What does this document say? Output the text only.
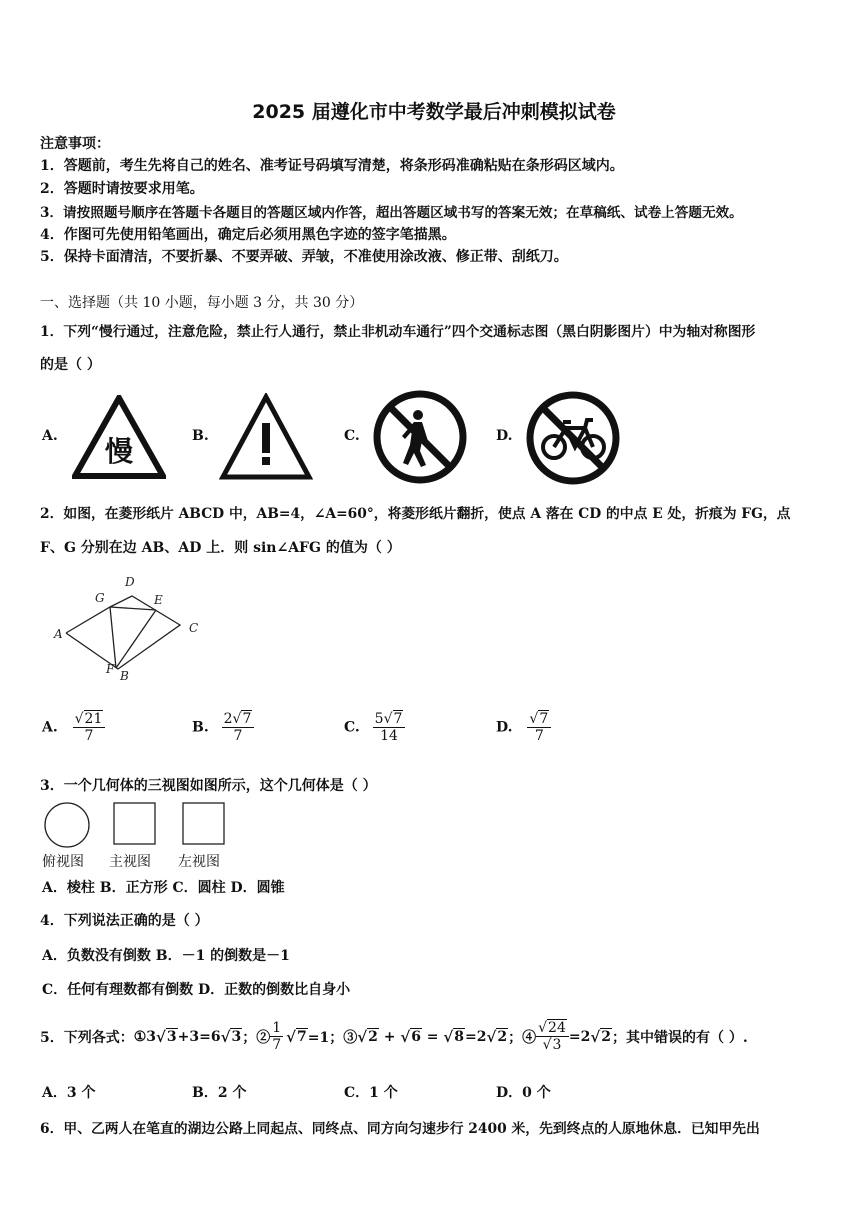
2025 届遵化市中考数学最后冲刺模拟试卷
注意事项：
1．答题前，考生先将自己的姓名、准考证号码填写清楚，将条形码准确粘贴在条形码区域内。
2．答题时请按要求用笔。
3．请按照题号顺序在答题卡各题目的答题区域内作答，超出答题区域书写的答案无效；在草稿纸、试卷上答题无效。
4．作图可先使用铅笔画出，确定后必须用黑色字迹的签字笔描黑。
5．保持卡面清洁，不要折暴、不要弄破、弄皱，不准使用涂改液、修正带、刮纸刀。
一、选择题（共 10 小题，每小题 3 分，共 30 分）
1．下列“慢行通过，注意危险，禁止行人通行，禁止非机动车通行”四个交通标志图（黑白阴影图片）中为轴对称图形
的是（ ）
A. 慢	B.	C.	D.
2．如图，在菱形纸片 ABCD 中，AB=4，∠A=60°，将菱形纸片翻折，使点 A 落在 CD 的中点 E 处，折痕为 FG，点
F、G 分别在边 AB、AD 上．则 sin∠AFG 的值为（ ）
D
G	E
A	C
F B
A. $\frac{√21}{7}$	B. $\frac{2√7}{7}$	C. $\frac{5√7}{14}$	D. $\frac{√7}{7}$
3．一个几何体的三视图如图所示，这个几何体是（ ）
俯视图 主视图 左视图
A．棱柱 B．正方形 C．圆柱 D．圆锥
4．下列说法正确的是（ ）
A．负数没有倒数 B．－1 的倒数是－1
C．任何有理数都有倒数 D．正数的倒数比自身小
5．下列各式： ①3 √ 3 +3=6 √ 3 ；② $\frac{1}{7}$ √ 7 =1；③ √ 2 + √ 6 = √ 8 =2 √ 2 ；④ $\frac{√24}{√3} =2$ √ 2 ；其中错误的有（ ）.
A．3 个	B．2 个	C．1 个	D．0 个
6．甲、乙两人在笔直的湖边公路上同起点、同终点、同方向匀速步行 2400 米，先到终点的人原地休息．已知甲先出
